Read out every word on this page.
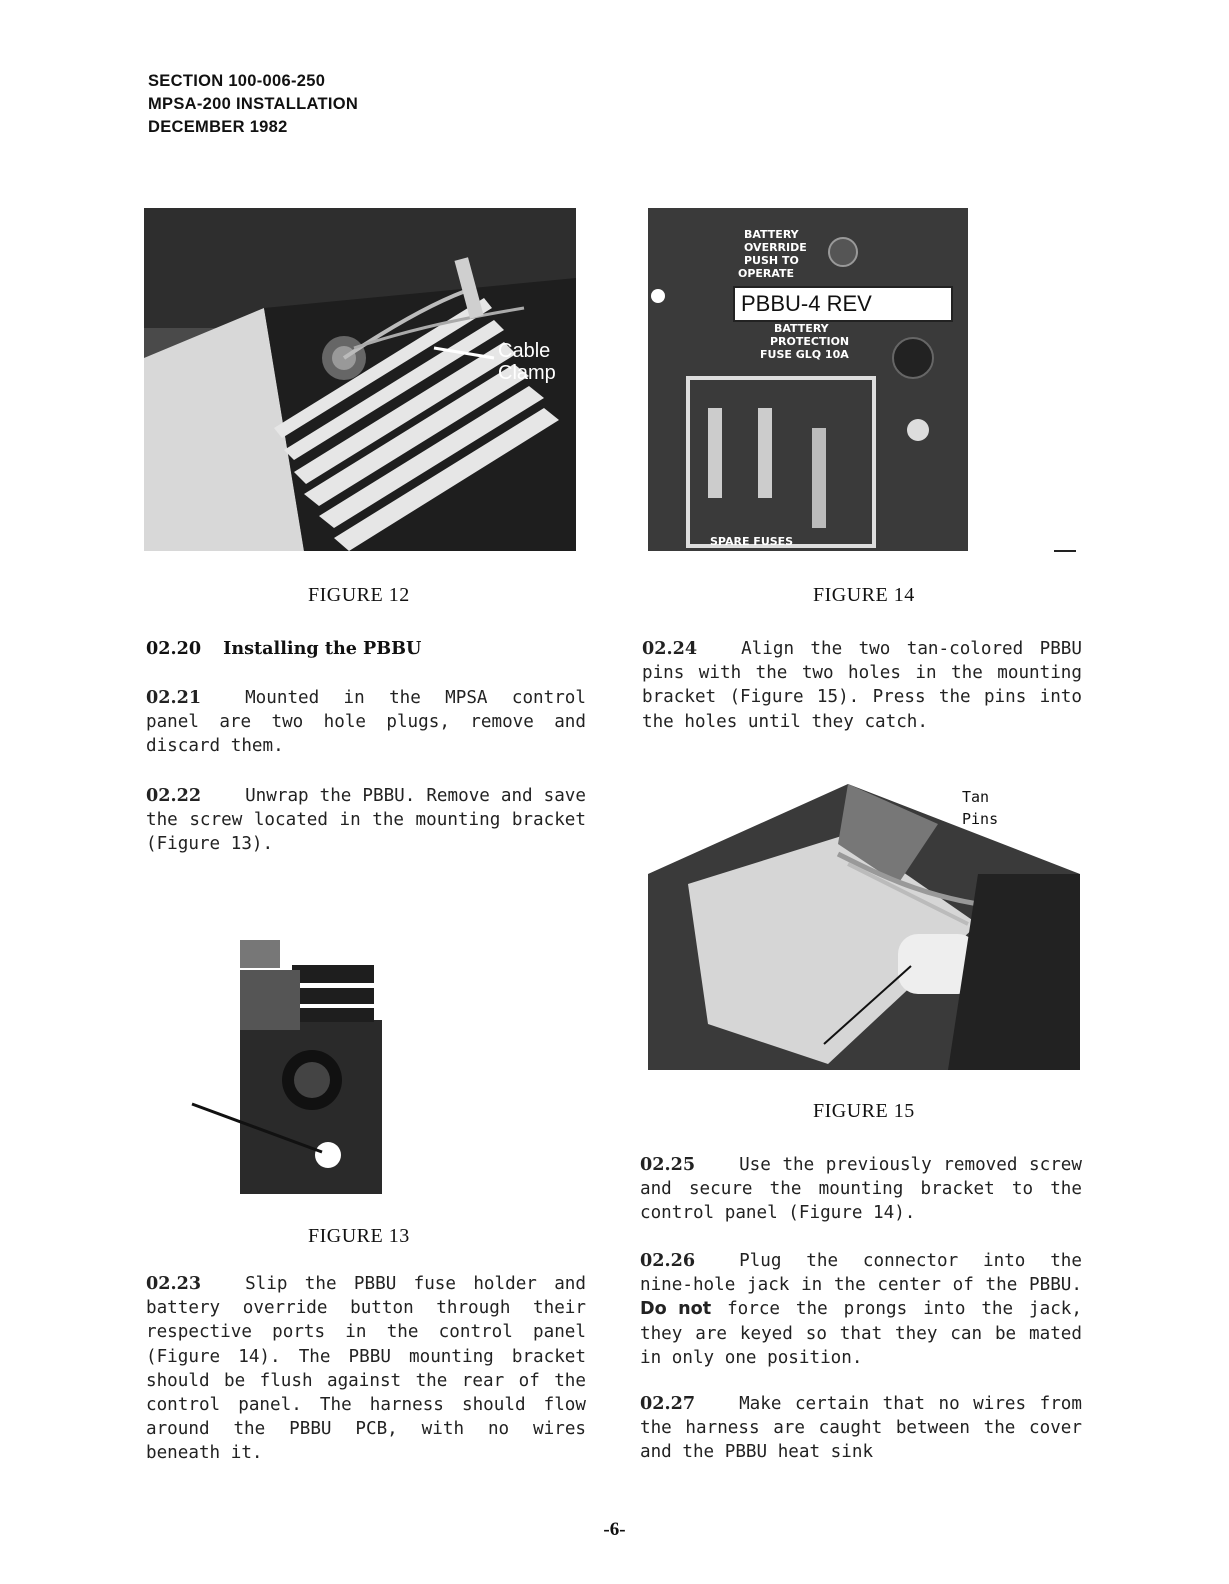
SECTION 100-006-250
MPSA-200 INSTALLATION
DECEMBER 1982
Cable
Clamp
FIGURE 12
BATTERY
OVERRIDE
PUSH TO
OPERATE
BATTERY
PROTECTION
FUSE GLQ 10A
SPARE FUSES
PBBU-4 REV
FIGURE 14
02.20 Installing the PBBU
02.21	Mounted in the MPSA control panel are two hole plugs, remove and discard them.
02.22	Unwrap the PBBU. Remove and save the screw located in the mounting bracket (Figure 13).
FIGURE 13
02.23	Slip the PBBU fuse holder and battery override button through their respective ports in the control panel (Figure 14). The PBBU mounting bracket should be flush against the rear of the control panel. The harness should flow around the PBBU PCB, with no wires beneath it.
02.24	Align the two tan-colored PBBU pins with the two holes in the mounting bracket (Figure 15). Press the pins into the holes until they catch.
Tan
Pins
FIGURE 15
02.25	Use the previously removed screw and secure the mounting bracket to the control panel (Figure 14).
02.26	Plug the connector into the nine-hole jack in the center of the PBBU. Do not force the prongs into the jack, they are keyed so that they can be mated in only one position.
02.27	Make certain that no wires from the harness are caught between the cover and the PBBU heat sink
-6-
